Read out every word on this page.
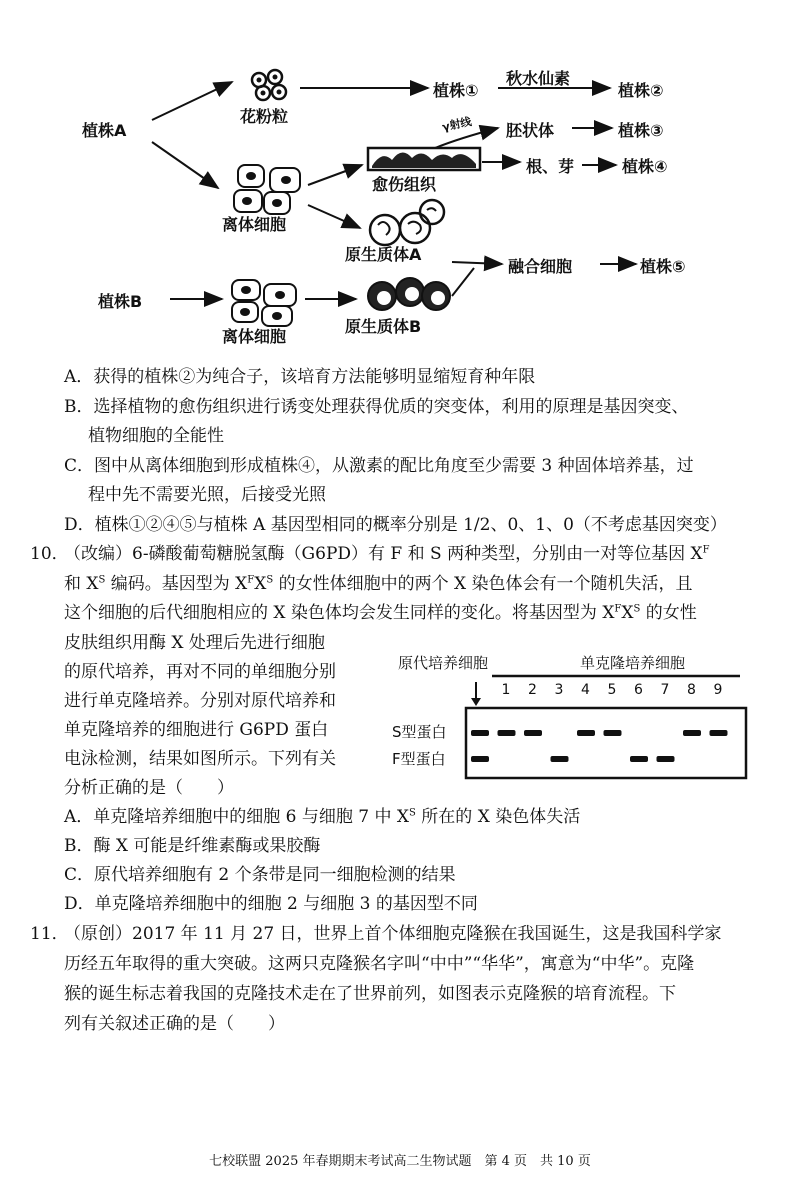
植株A
花粉粒
植株①
秋水仙素
植株②
γ射线 胚状体	植株③
愈伤组织
根、芽	植株④
离体细胞
原生质体A
融合细胞	植株⑤
植株B
离体细胞
原生质体B
A．获得的植株②为纯合子，该培育方法能够明显缩短育种年限
B．选择植物的愈伤组织进行诱变处理获得优质的突变体，利用的原理是基因突变、
植物细胞的全能性
C．图中从离体细胞到形成植株④，从激素的配比角度至少需要 3 种固体培养基，过
程中先不需要光照，后接受光照
D．植株①②④⑤与植株 A 基因型相同的概率分别是 1/2、0、1、0（不考虑基因突变）
10．
（改编）6-磷酸葡萄糖脱氢酶（G6PD）有 F 和 S 两种类型，分别由一对等位基因 $X^F$
和 $X^S$ 编码。基因型为 $X^FX^S$ 的女性体细胞中的两个 X 染色体会有一个随机失活，且
这个细胞的后代细胞相应的 X 染色体均会发生同样的变化。将基因型为 $X^FX^S$ 的女性
皮肤组织用酶 X 处理后先进行细胞
的原代培养，再对不同的单细胞分别
进行单克隆培养。分别对原代培养和
单克隆培养的细胞进行 G6PD 蛋白
电泳检测，结果如图所示。下列有关
分析正确的是（　　）
原代培养细胞	单克隆培养细胞
1 2 3 4 5 6 7 8 9
S型蛋白
F型蛋白
A．单克隆培养细胞中的细胞 6 与细胞 7 中 $X^S$ 所在的 X 染色体失活
B．酶 X 可能是纤维素酶或果胶酶
C．原代培养细胞有 2 个条带是同一细胞检测的结果
D．单克隆培养细胞中的细胞 2 与细胞 3 的基因型不同
11．
（原创）2017 年 11 月 27 日，世界上首个体细胞克隆猴在我国诞生，这是我国科学家
历经五年取得的重大突破。这两只克隆猴名字叫“中中”“华华”，寓意为“中华”。克隆
猴的诞生标志着我国的克隆技术走在了世界前列，如图表示克隆猴的培育流程。下
列有关叙述正确的是（　　）
七校联盟 2025 年春期期末考试高二生物试题　第 4 页　共 10 页
